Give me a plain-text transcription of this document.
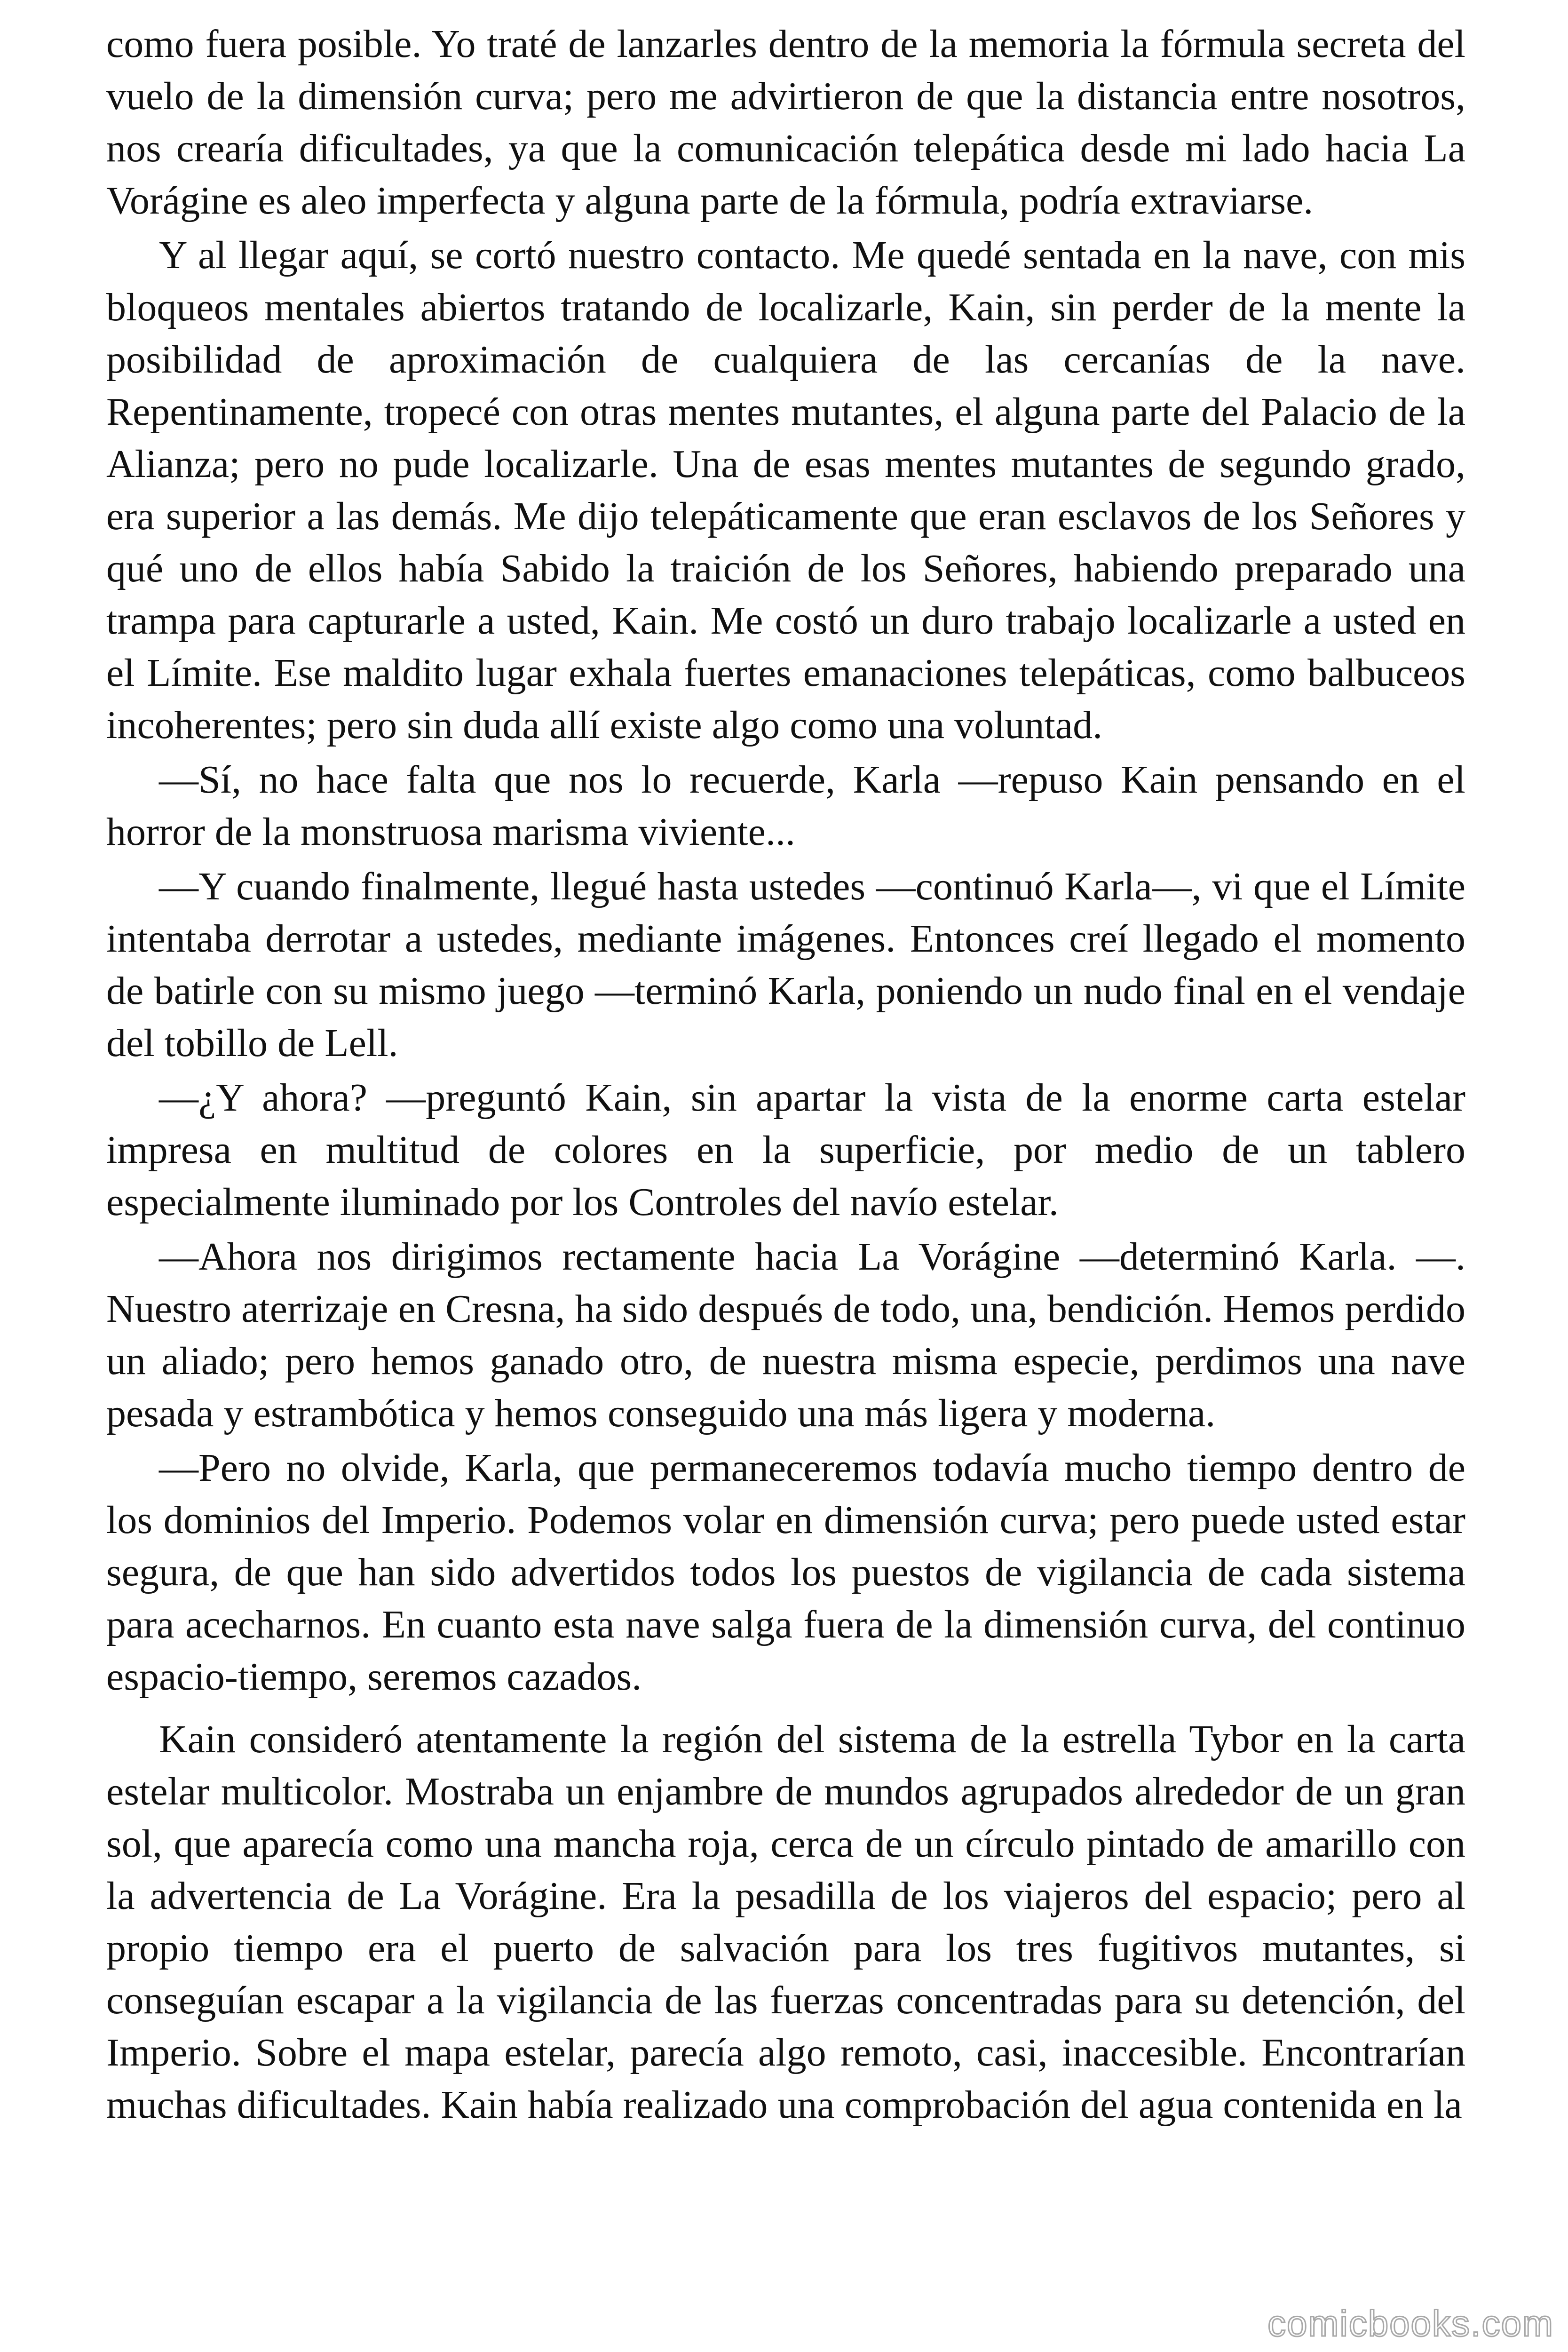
como fuera posible. Yo traté de lanzarles dentro de la memoria la fórmula secreta del vuelo de la dimensión curva; pero me advirtieron de que la distancia entre nosotros, nos crearía dificultades, ya que la comunicación telepática desde mi lado hacia La Vorágine es aleo imperfecta y alguna parte de la fórmula, podría extraviarse.

Y al llegar aquí, se cortó nuestro contacto. Me quedé sentada en la nave, con mis bloqueos mentales abiertos tratando de localizarle, Kain, sin perder de la mente la posibilidad de aproximación de cualquiera de las cercanías de la nave. Repentinamente, tropecé con otras mentes mutantes, el alguna parte del Palacio de la Alianza; pero no pude localizarle. Una de esas mentes mutantes de segundo grado, era superior a las demás. Me dijo telepáticamente que eran esclavos de los Señores y qué uno de ellos había Sabido la traición de los Señores, habiendo preparado una trampa para capturarle a usted, Kain. Me costó un duro trabajo localizarle a usted en el Límite. Ese maldito lugar exhala fuertes emanaciones telepáticas, como balbuceos incoherentes; pero sin duda allí existe algo como una voluntad.

—Sí, no hace falta que nos lo recuerde, Karla —repuso Kain pensando en el horror de la monstruosa marisma viviente...

—Y cuando finalmente, llegué hasta ustedes —continuó Karla—, vi que el Límite intentaba derrotar a ustedes, mediante imágenes. Entonces creí llegado el momento de batirle con su mismo juego —terminó Karla, poniendo un nudo final en el vendaje del tobillo de Lell.

—¿Y ahora? —preguntó Kain, sin apartar la vista de la enorme carta estelar impresa en multitud de colores en la superficie, por medio de un tablero especialmente iluminado por los Controles del navío estelar.

—Ahora nos dirigimos rectamente hacia La Vorágine —determinó Karla. —. Nuestro aterrizaje en Cresna, ha sido después de todo, una, bendición. Hemos perdido un aliado; pero hemos ganado otro, de nuestra misma especie, perdimos una nave pesada y estrambótica y hemos conseguido una más ligera y moderna.

—Pero no olvide, Karla, que permaneceremos todavía mucho tiempo dentro de los dominios del Imperio. Podemos volar en dimensión curva; pero puede usted estar segura, de que han sido advertidos todos los puestos de vigilancia de cada sistema para acecharnos. En cuanto esta nave salga fuera de la dimensión curva, del continuo espacio-tiempo, seremos cazados.

Kain consideró atentamente la región del sistema de la estrella Tybor en la carta estelar multicolor. Mostraba un enjambre de mundos agrupados alrededor de un gran sol, que aparecía como una mancha roja, cerca de un círculo pintado de amarillo con la advertencia de La Vorágine. Era la pesadilla de los viajeros del espacio; pero al propio tiempo era el puerto de salvación para los tres fugitivos mutantes, si conseguían escapar a la vigilancia de las fuerzas concentradas para su detención, del Imperio. Sobre el mapa estelar, parecía algo remoto, casi, inaccesible. Encontrarían muchas dificultades. Kain había realizado una comprobación del agua contenida en la

comicbooks.com
